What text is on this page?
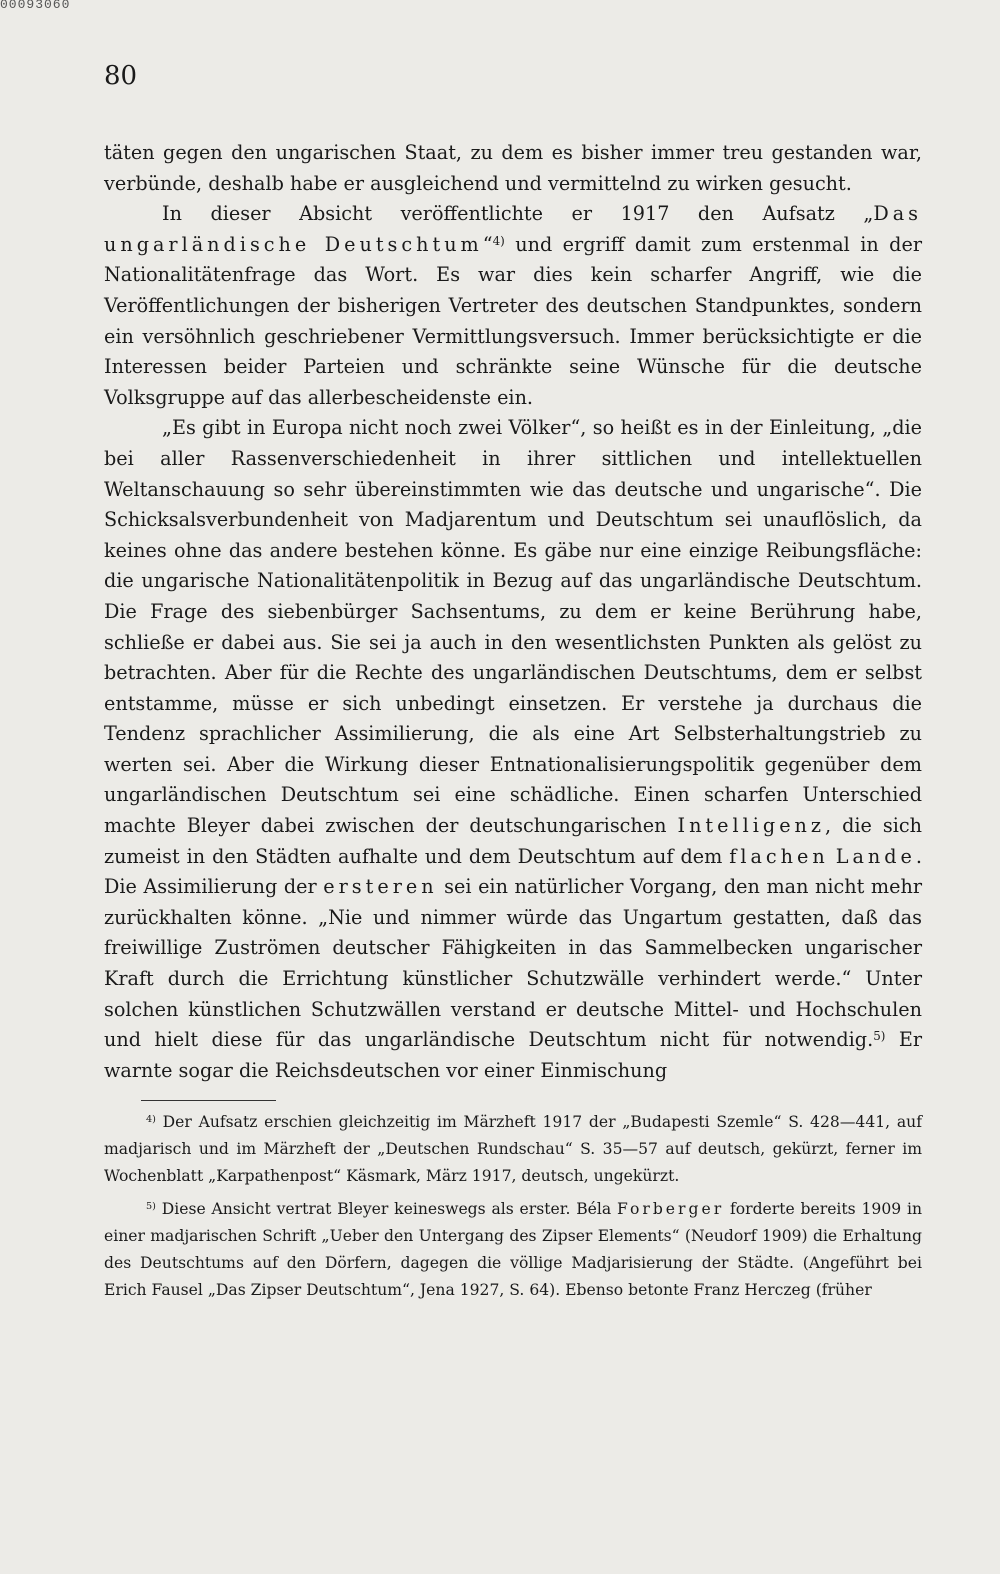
00093060
80

täten gegen den ungarischen Staat, zu dem es bisher immer treu gestanden war, verbünde, deshalb habe er ausgleichend und vermittelnd zu wirken gesucht.

In dieser Absicht veröffentlichte er 1917 den Aufsatz „Das ungarländische Deutschtum“$^{4)}$ und ergriff damit zum erstenmal in der Nationalitätenfrage das Wort. Es war dies kein scharfer Angriff, wie die Veröffentlichungen der bisherigen Vertreter des deutschen Standpunktes, sondern ein versöhnlich geschriebener Vermittlungsversuch. Immer berücksichtigte er die Interessen beider Parteien und schränkte seine Wünsche für die deutsche Volksgruppe auf das allerbescheidenste ein.

„Es gibt in Europa nicht noch zwei Völker“, so heißt es in der Einleitung, „die bei aller Rassenverschiedenheit in ihrer sittlichen und intellektuellen Weltanschauung so sehr übereinstimmten wie das deutsche und ungarische“. Die Schicksalsverbundenheit von Madjarentum und Deutschtum sei unauflöslich, da keines ohne das andere bestehen könne. Es gäbe nur eine einzige Reibungsfläche: die ungarische Nationalitätenpolitik in Bezug auf das ungarländische Deutschtum. Die Frage des siebenbürger Sachsentums, zu dem er keine Berührung habe, schließe er dabei aus. Sie sei ja auch in den wesentlichsten Punkten als gelöst zu betrachten. Aber für die Rechte des ungarländischen Deutschtums, dem er selbst entstamme, müsse er sich unbedingt einsetzen. Er verstehe ja durchaus die Tendenz sprachlicher Assimilierung, die als eine Art Selbsterhaltungstrieb zu werten sei. Aber die Wirkung dieser Entnationalisierungspolitik gegenüber dem ungarländischen Deutschtum sei eine schädliche. Einen scharfen Unterschied machte Bleyer dabei zwischen der deutschungarischen Intelligenz, die sich zumeist in den Städten aufhalte und dem Deutschtum auf dem flachen Lande. Die Assimilierung der ersteren sei ein natürlicher Vorgang, den man nicht mehr zurückhalten könne. „Nie und nimmer würde das Ungartum gestatten, daß das freiwillige Zuströmen deutscher Fähigkeiten in das Sammelbecken ungarischer Kraft durch die Errichtung künstlicher Schutzwälle verhindert werde.“ Unter solchen künstlichen Schutzwällen verstand er deutsche Mittel- und Hochschulen und hielt diese für das ungarländische Deutschtum nicht für notwendig.$^{5)}$ Er warnte sogar die Reichsdeutschen vor einer Einmischung

$^{4)}$ Der Aufsatz erschien gleichzeitig im Märzheft 1917 der „Budapesti Szemle“ S. 428—441, auf madjarisch und im Märzheft der „Deutschen Rundschau“ S. 35—57 auf deutsch, gekürzt, ferner im Wochenblatt „Karpathenpost“ Käsmark, März 1917, deutsch, ungekürzt.

$^{5)}$ Diese Ansicht vertrat Bleyer keineswegs als erster. Béla Forberger forderte bereits 1909 in einer madjarischen Schrift „Ueber den Untergang des Zipser Elements“ (Neudorf 1909) die Erhaltung des Deutschtums auf den Dörfern, dagegen die völlige Madjarisierung der Städte. (Angeführt bei Erich Fausel „Das Zipser Deutschtum“, Jena 1927, S. 64). Ebenso betonte Franz Herczeg (früher
